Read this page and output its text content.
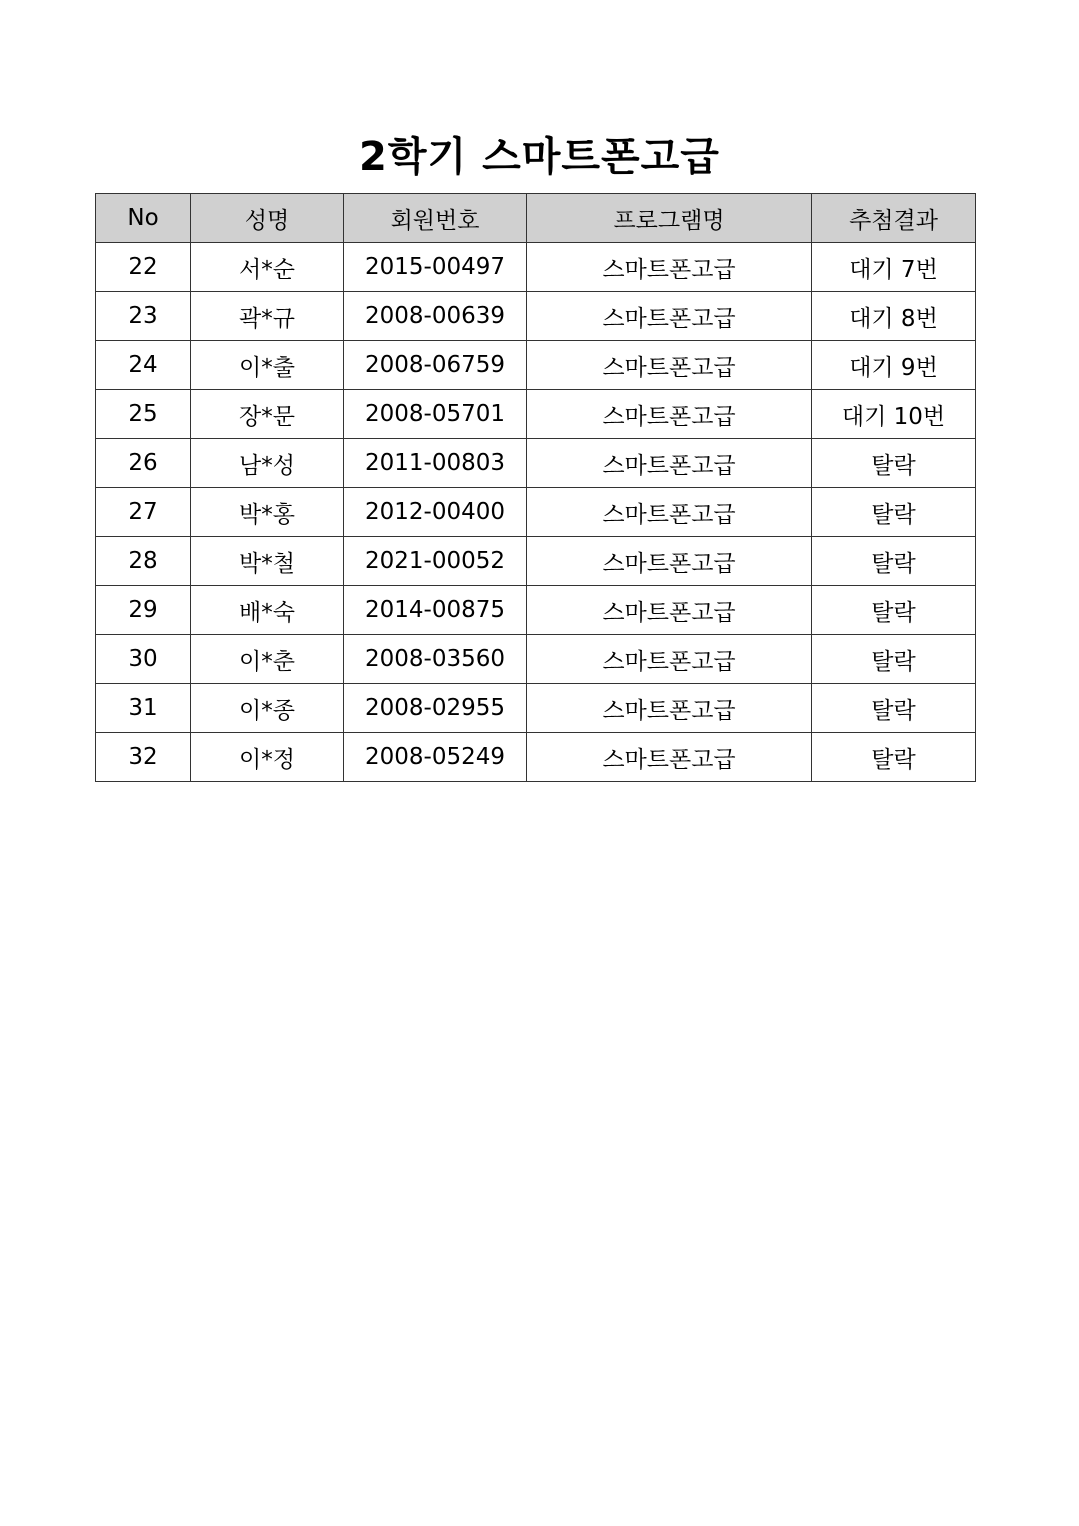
2학기 스마트폰고급
No	성명	회원번호	프로그램명	추첨결과
22	서*순	2015-00497	스마트폰고급	대기 7번
23	곽*규	2008-00639	스마트폰고급	대기 8번
24	이*출	2008-06759	스마트폰고급	대기 9번
25	장*문	2008-05701	스마트폰고급	대기 10번
26	남*성	2011-00803	스마트폰고급	탈락
27	박*홍	2012-00400	스마트폰고급	탈락
28	박*철	2021-00052	스마트폰고급	탈락
29	배*숙	2014-00875	스마트폰고급	탈락
30	이*춘	2008-03560	스마트폰고급	탈락
31	이*종	2008-02955	스마트폰고급	탈락
32	이*정	2008-05249	스마트폰고급	탈락
